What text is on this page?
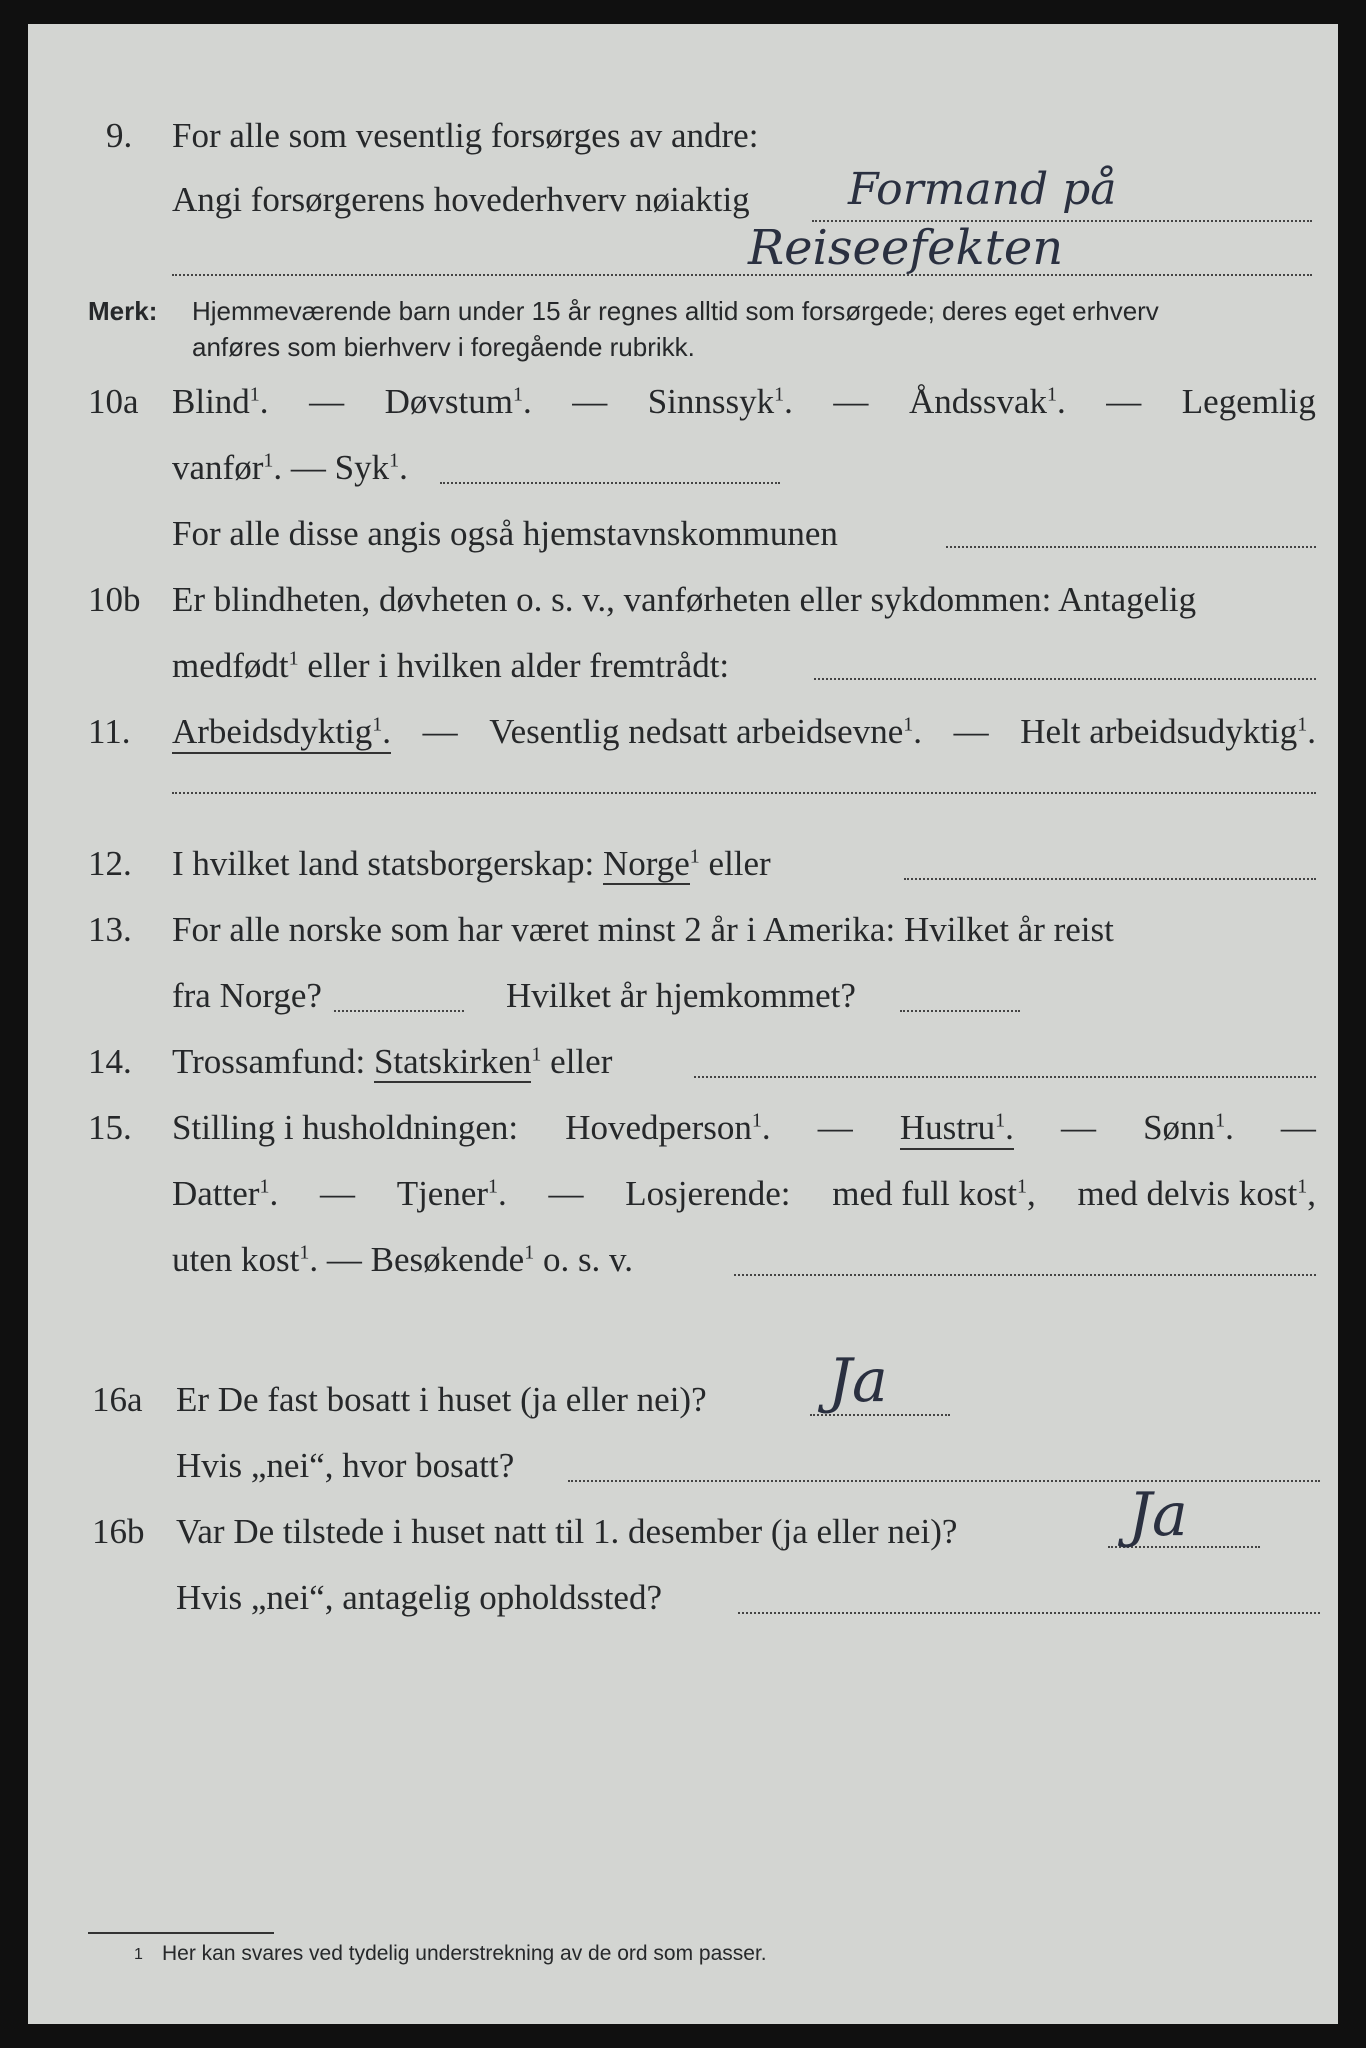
9. For alle som vesentlig forsørges av andre:
Angi forsørgerens hovederhverv nøiaktig Formand på
Reiseefekten
Merk: Hjemmeværende barn under 15 år regnes alltid som forsørgede; deres eget erhverv
anføres som bierhverv i foregående rubrikk.
10a Blind$^1$. — Døvstum$^1$. — Sinnssyk$^1$. — Åndssvak$^1$. — Legemlig
vanfør$^1$. — Syk$^1$.
For alle disse angis også hjemstavnskommunen
10b Er blindheten, døvheten o. s. v., vanførheten eller sykdommen: Antagelig
medfødt$^1$ eller i hvilken alder fremtrådt:
11. Arbeidsdyktig$^1$. — Vesentlig nedsatt arbeidsevne$^1$. — Helt arbeidsudyktig$^1$.
12. I hvilket land statsborgerskap: Norge$^1$ eller
13. For alle norske som har været minst 2 år i Amerika: Hvilket år reist
fra Norge?	Hvilket år hjemkommet?
14. Trossamfund: Statskirken$^1$ eller
15. Stilling i husholdningen: Hovedperson$^1$. — Hustru$^1$. — Sønn$^1$. —
Datter$^1$. — Tjener$^1$. — Losjerende: med full kost$^1$, med delvis kost$^1$,
uten kost$^1$. — Besøkende$^1$ o. s. v.
16a Er De fast bosatt i huset (ja eller nei)? Ja
Hvis „nei“, hvor bosatt?
16b Var De tilstede i huset natt til 1. desember (ja eller nei)?	Ja
Hvis „nei“, antagelig opholdssted?
1 Her kan svares ved tydelig understrekning av de ord som passer.
